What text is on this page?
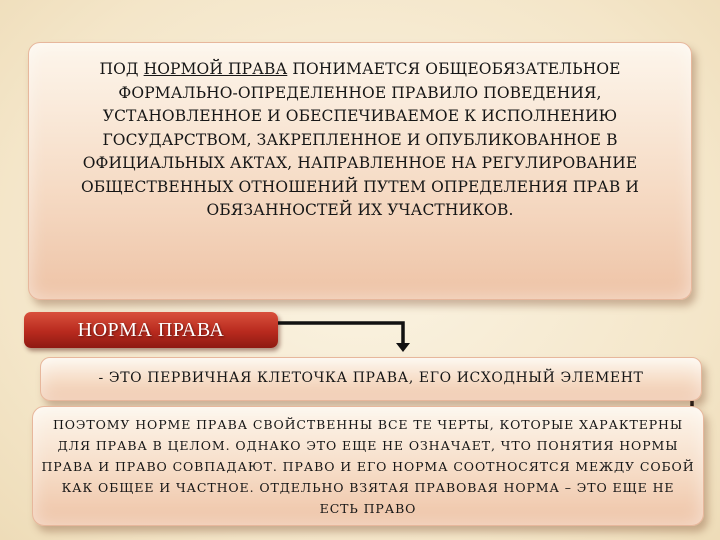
ПОД НОРМОЙ ПРАВА ПОНИМАЕТСЯ ОБЩЕОБЯЗАТЕЛЬНОЕ ФОРМАЛЬНО-ОПРЕДЕЛЕННОЕ ПРАВИЛО ПОВЕДЕНИЯ, УСТАНОВЛЕННОЕ И ОБЕСПЕЧИВАЕМОЕ К ИСПОЛНЕНИЮ ГОСУДАРСТВОМ, ЗАКРЕПЛЕННОЕ И ОПУБЛИКОВАННОЕ В ОФИЦИАЛЬНЫХ АКТАХ, НАПРАВЛЕННОЕ НА РЕГУЛИРОВАНИЕ ОБЩЕСТВЕННЫХ ОТНОШЕНИЙ ПУТЕМ ОПРЕДЕЛЕНИЯ ПРАВ И ОБЯЗАННОСТЕЙ ИХ УЧАСТНИКОВ.

НОРМА ПРАВА

- ЭТО ПЕРВИЧНАЯ КЛЕТОЧКА ПРАВА, ЕГО ИСХОДНЫЙ ЭЛЕМЕНТ

ПОЭТОМУ НОРМЕ ПРАВА СВОЙСТВЕННЫ ВСЕ ТЕ ЧЕРТЫ, КОТОРЫЕ ХАРАКТЕРНЫ ДЛЯ ПРАВА В ЦЕЛОМ. ОДНАКО ЭТО ЕЩЕ НЕ ОЗНАЧАЕТ, ЧТО ПОНЯТИЯ НОРМЫ ПРАВА И ПРАВО СОВПАДАЮТ. ПРАВО И ЕГО НОРМА СООТНОСЯТСЯ МЕЖДУ СОБОЙ КАК ОБЩЕЕ И ЧАСТНОЕ. ОТДЕЛЬНО ВЗЯТАЯ ПРАВОВАЯ НОРМА – ЭТО ЕЩЕ НЕ ЕСТЬ ПРАВО
